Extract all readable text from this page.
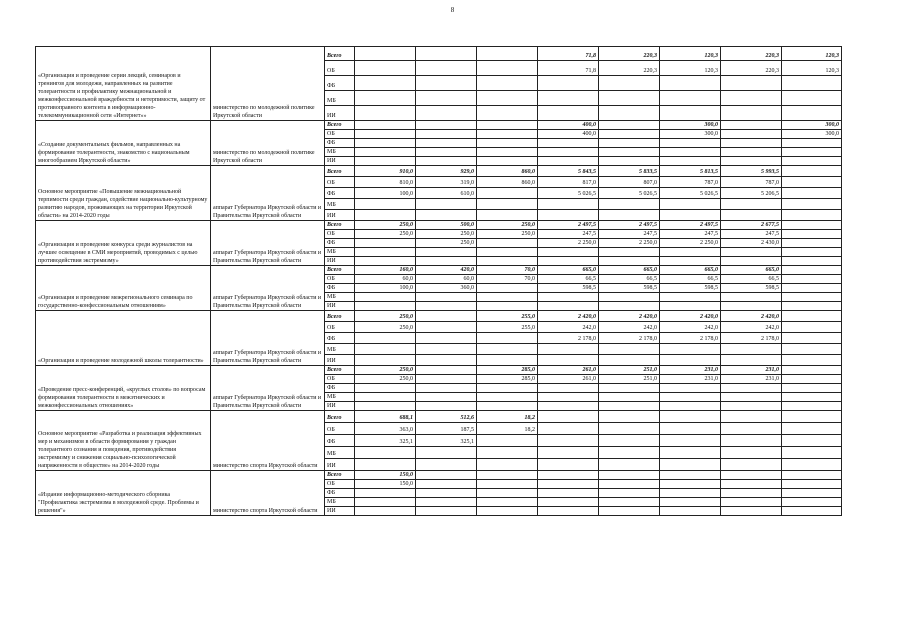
8
«Организация и проведение серии лекций, семинаров и тренингов для молодежи, направленных на развитие толерантности и профилактику межнациональной и межконфессиональной враждебности и нетерпимости, защиту от противоправного контента в информационно-телекоммуникационной сети «Интернет»»	министерство по молодежной политике Иркутской области	Всего				71,8	220,3	120,3	220,3	120,3
		ОБ				71,8	220,3	120,3	220,3	120,3
		ФБ								
		МБ								
		ИИ								
«Создание документальных фильмов, направленных на формирование толерантности, знакомство с национальным многообразием Иркутской области»	министерство по молодежной политике Иркутской области	Всего				400,0		300,0		300,0
		ОБ				400,0		300,0		300,0
		ФБ								
		МБ								
		ИИ								
Основное мероприятие «Повышение межнациональной терпимости среди граждан, содействие национально-культурному развитию народов, проживающих на территории Иркутской области» на 2014-2020 годы	аппарат Губернатора Иркутской области и Правительства Иркутской области	Всего	910,0	929,0	860,0	5 843,5	5 833,5	5 813,5	5 993,5	
		ОБ	810,0	319,0	860,0	817,0	807,0	787,0	787,0	
		ФБ	100,0	610,0		5 026,5	5 026,5	5 026,5	5 206,5	
		МБ								
		ИИ								
«Организация и проведение конкурса среди журналистов на лучшее освещение в СМИ мероприятий, проводимых с целью противодействия экстремизму»	аппарат Губернатора Иркутской области и Правительства Иркутской области	Всего	250,0	500,0	250,0	2 497,5	2 497,5	2 497,5	2 677,5	
		ОБ	250,0	250,0	250,0	247,5	247,5	247,5	247,5	
		ФБ		250,0		2 250,0	2 250,0	2 250,0	2 430,0	
		МБ								
		ИИ								
«Организация и проведение межрегионального семинара по государственно-конфессиональным отношениям»	аппарат Губернатора Иркутской области и Правительства Иркутской области	Всего	160,0	420,0	70,0	665,0	665,0	665,0	665,0	
		ОБ	60,0	60,0	70,0	66,5	66,5	66,5	66,5	
		ФБ	100,0	360,0		598,5	598,5	598,5	598,5	
		МБ								
		ИИ								
«Организация и проведение молодежной школы толерантности»	аппарат Губернатора Иркутской области и Правительства Иркутской области	Всего	250,0		255,0	2 420,0	2 420,0	2 420,0	2 420,0	
		ОБ	250,0		255,0	242,0	242,0	242,0	242,0	
		ФБ				2 178,0	2 178,0	2 178,0	2 178,0	
		МБ								
		ИИ								
«Проведение пресс-конференций, «круглых столов» по вопросам формирования толерантности в межэтнических и межконфессиональных отношениях»	аппарат Губернатора Иркутской области и Правительства Иркутской области	Всего	250,0		285,0	261,0	251,0	231,0	231,0	
		ОБ	250,0		285,0	261,0	251,0	231,0	231,0	
		ФБ								
		МБ								
		ИИ								
Основное мероприятие «Разработка и реализация эффективных мер и механизмов в области формирования у граждан толерантного сознания и поведения, противодействия экстремизму и снижения социально-психологической напряженности в обществе» на 2014-2020 годы	министерство спорта Иркутской области	Всего	688,1	512,6	18,2					
		ОБ	363,0	187,5	18,2					
		ФБ	325,1	325,1						
		МБ								
		ИИ								
«Издание информационно-методического сборника "Профилактика экстремизма в молодежной среде. Проблемы и решения"»	министерство спорта Иркутской области	Всего	150,0							
		ОБ	150,0							
		ФБ								
		МБ								
		ИИ								
